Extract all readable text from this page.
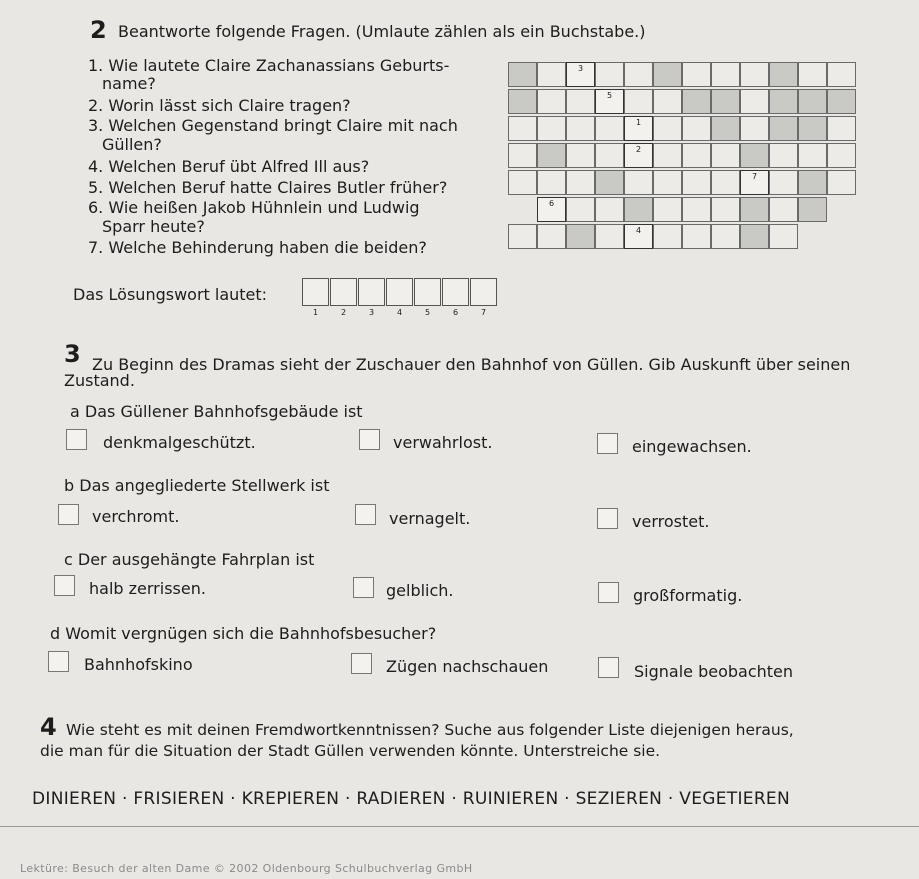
2 Beantworte folgende Fragen. (Umlaute zählen als ein Buchstabe.)
1. Wie lautete Claire Zachanassians Geburts-
name?
2. Worin lässt sich Claire tragen?
3. Welchen Gegenstand bringt Claire mit nach
Güllen?
4. Welchen Beruf übt Alfred Ill aus?
5. Welchen Beruf hatte Claires Butler früher?
6. Wie heißen Jakob Hühnlein und Ludwig
Sparr heute?
7. Welche Behinderung haben die beiden?
3
5
1
2
7
6
4
Das Lösungswort lautet:
1	2	3	4	5	6	7
3 Zu Beginn des Dramas sieht der Zuschauer den Bahnhof von Güllen. Gib Auskunft über seinen
Zustand.
a Das Güllener Bahnhofsgebäude ist
denkmalgeschützt.	verwahrlost.	eingewachsen.
b Das angegliederte Stellwerk ist
verchromt.	vernagelt.	verrostet.
c Der ausgehängte Fahrplan ist
halb zerrissen.	gelblich.	großformatig.
d Womit vergnügen sich die Bahnhofsbesucher?
Bahnhofskino	Zügen nachschauen	Signale beobachten
4 Wie steht es mit deinen Fremdwortkenntnissen? Suche aus folgender Liste diejenigen heraus,
die man für die Situation der Stadt Güllen verwenden könnte. Unterstreiche sie.
DINIEREN · FRISIEREN · KREPIEREN · RADIEREN · RUINIEREN · SEZIEREN · VEGETIEREN
Lektüre: Besuch der alten Dame © 2002 Oldenbourg Schulbuchverlag GmbH
